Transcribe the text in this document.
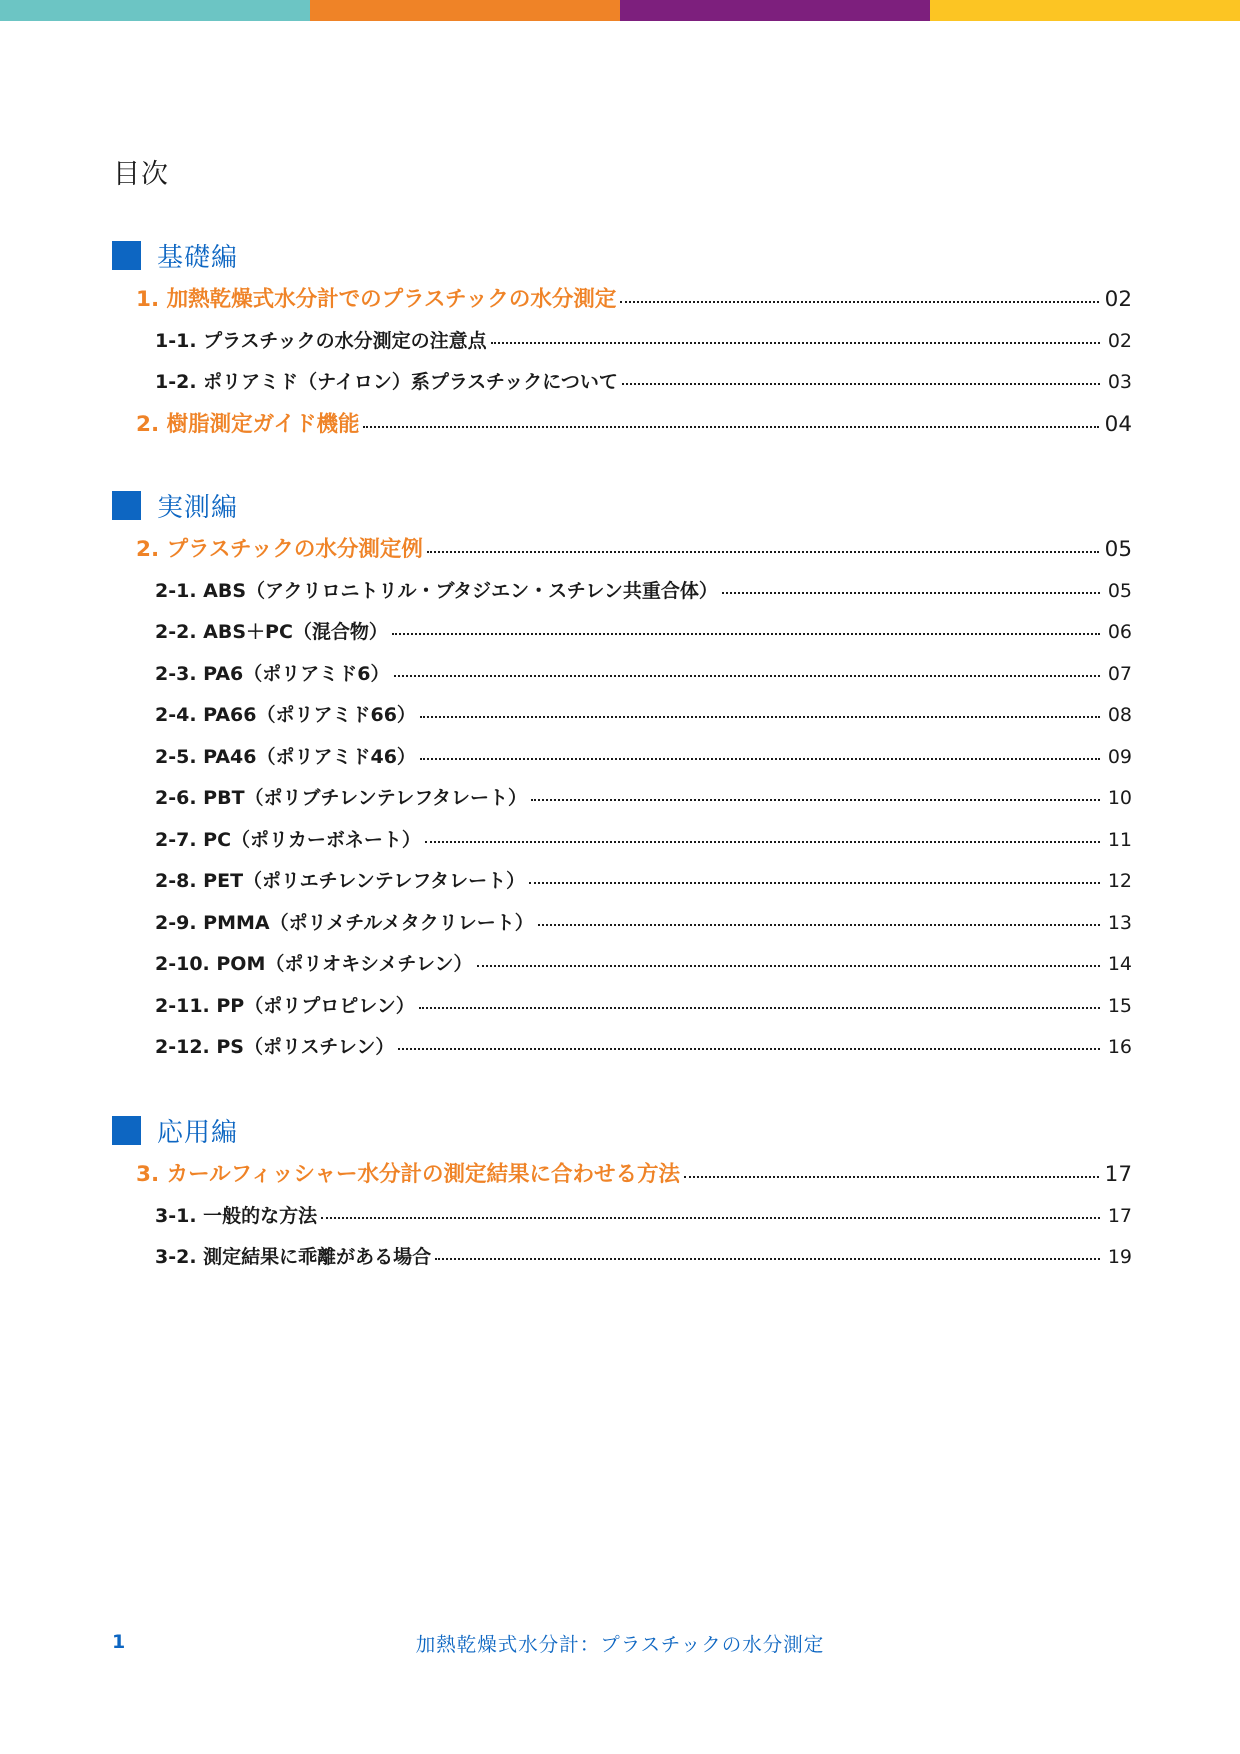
目次
基礎編
1. 加熱乾燥式水分計でのプラスチックの水分測定	02
1-1. プラスチックの水分測定の注意点	02
1-2. ポリアミド（ナイロン）系プラスチックについて	03
2. 樹脂測定ガイド機能	04
実測編
2. プラスチックの水分測定例	05
2-1. ABS（アクリロニトリル・ブタジエン・スチレン共重合体）	05
2-2. ABS＋PC（混合物）	06
2-3. PA6（ポリアミド6）	07
2-4. PA66（ポリアミド66）	08
2-5. PA46（ポリアミド46）	09
2-6. PBT（ポリブチレンテレフタレート）	10
2-7. PC（ポリカーボネート）	11
2-8. PET（ポリエチレンテレフタレート）	12
2-9. PMMA（ポリメチルメタクリレート）	13
2-10. POM（ポリオキシメチレン）	14
2-11. PP（ポリプロピレン）	15
2-12. PS（ポリスチレン）	16
応用編
3. カールフィッシャー水分計の測定結果に合わせる方法	17
3-1. 一般的な方法	17
3-2. 測定結果に乖離がある場合	19
1	加熱乾燥式水分計：プラスチックの水分測定
